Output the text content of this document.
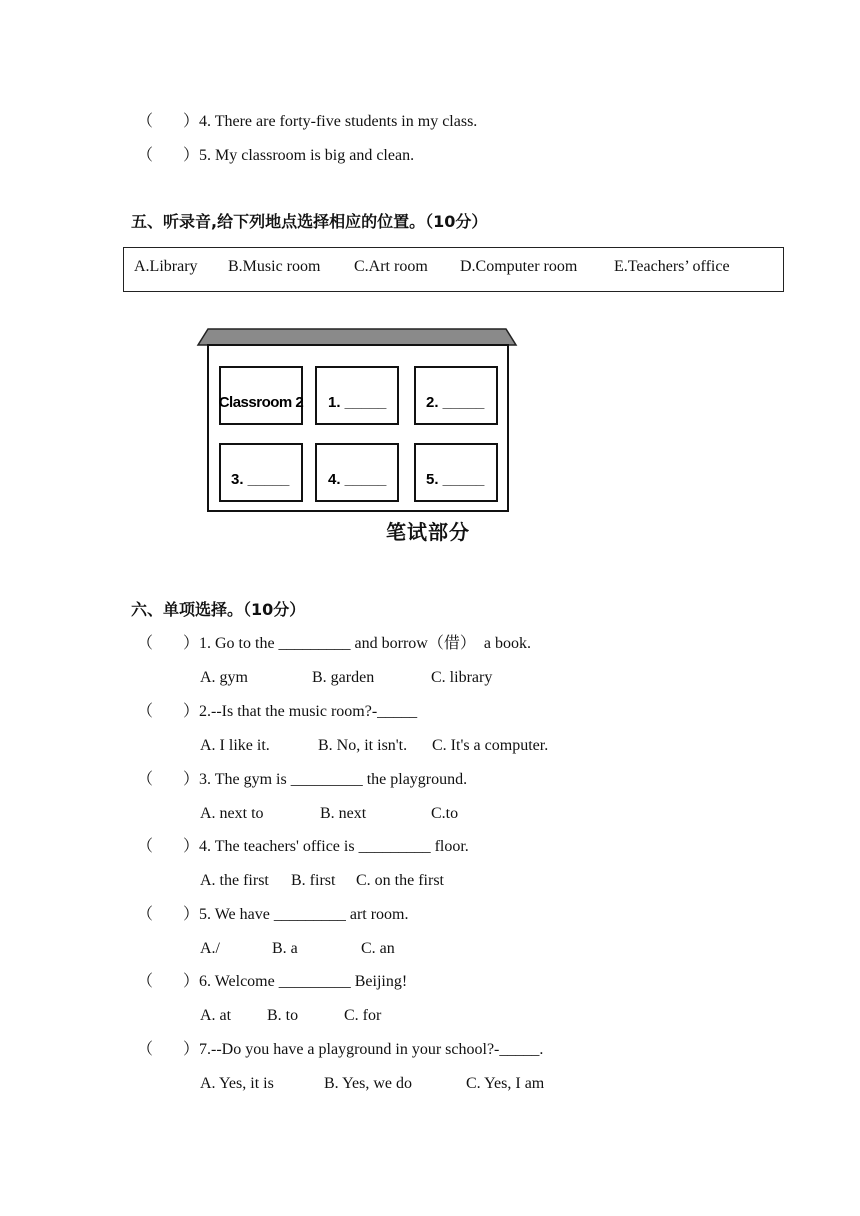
（ ） 4. There are forty-five students in my class.
（ ） 5. My classroom is big and clean.
五、听录音,给下列地点选择相应的位置。（10分）
A.Library B.Music room C.Art room D.Computer room E.Teachers’ office
Classroom 2 1. _____	2. _____
3. _____	4. _____	5. _____
笔试部分
六、单项选择。（10分）
（ ） 1. Go to the _________ and borrow（借）  a book.
A. gym	B. garden	C. library
（ ） 2.--Is that the music room?-_____
A. I like it.	B. No, it isn't. C. It's a computer.
（ ） 3. The gym is _________ the playground.
A. next to	B. next	C.to
（ ） 4. The teachers' office is _________ floor.
A. the first B. first C. on the first
（ ） 5. We have _________ art room.
A./	B. a	C. an
（ ） 6. Welcome _________ Beijing!
A. at B. to	C. for
（ ） 7.--Do you have a playground in your school?-_____.
A. Yes, it is	B. Yes, we do	C. Yes, I am
